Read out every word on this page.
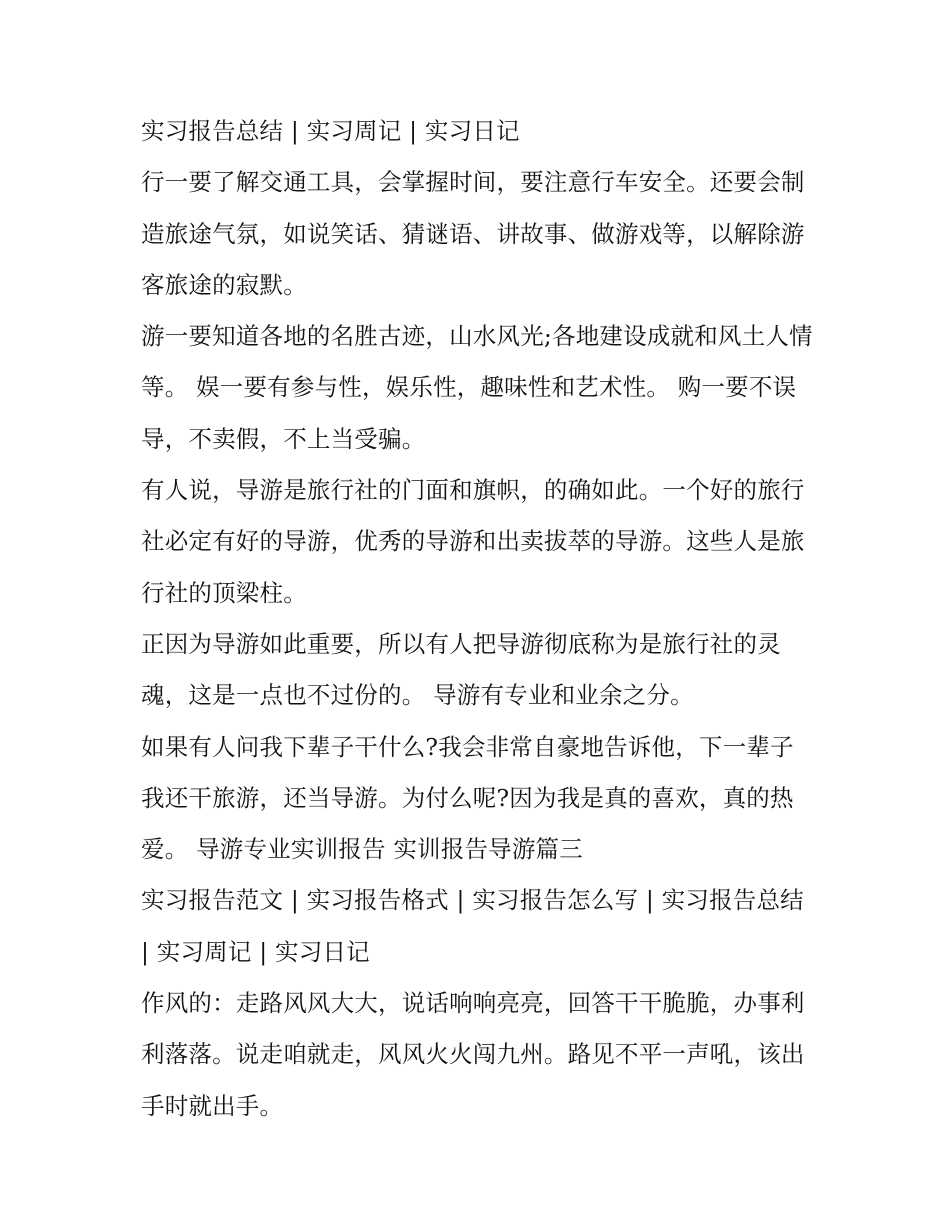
实习报告总结 | 实习周记 | 实习日记

行一要了解交通工具，会掌握时间，要注意行车安全。还要会制造旅途气氛，如说笑话、猜谜语、讲故事、做游戏等，以解除游客旅途的寂默。

游一要知道各地的名胜古迹，山水风光;各地建设成就和风土人情等。 娱一要有参与性，娱乐性，趣味性和艺术性。 购一要不误导，不卖假，不上当受骗。

有人说，导游是旅行社的门面和旗帜，的确如此。一个好的旅行社必定有好的导游，优秀的导游和出卖拔萃的导游。这些人是旅行社的顶梁柱。

正因为导游如此重要，所以有人把导游彻底称为是旅行社的灵魂，这是一点也不过份的。 导游有专业和业余之分。

如果有人问我下辈子干什么?我会非常自豪地告诉他，下一辈子我还干旅游，还当导游。为付么呢?因为我是真的喜欢，真的热爱。 导游专业实训报告 实训报告导游篇三

实习报告范文 | 实习报告格式 | 实习报告怎么写 | 实习报告总结 | 实习周记 | 实习日记

作风的：走路风风大大，说话响响亮亮，回答干干脆脆，办事利利落落。说走咱就走，风风火火闯九州。路见不平一声吼，该出手时就出手。
